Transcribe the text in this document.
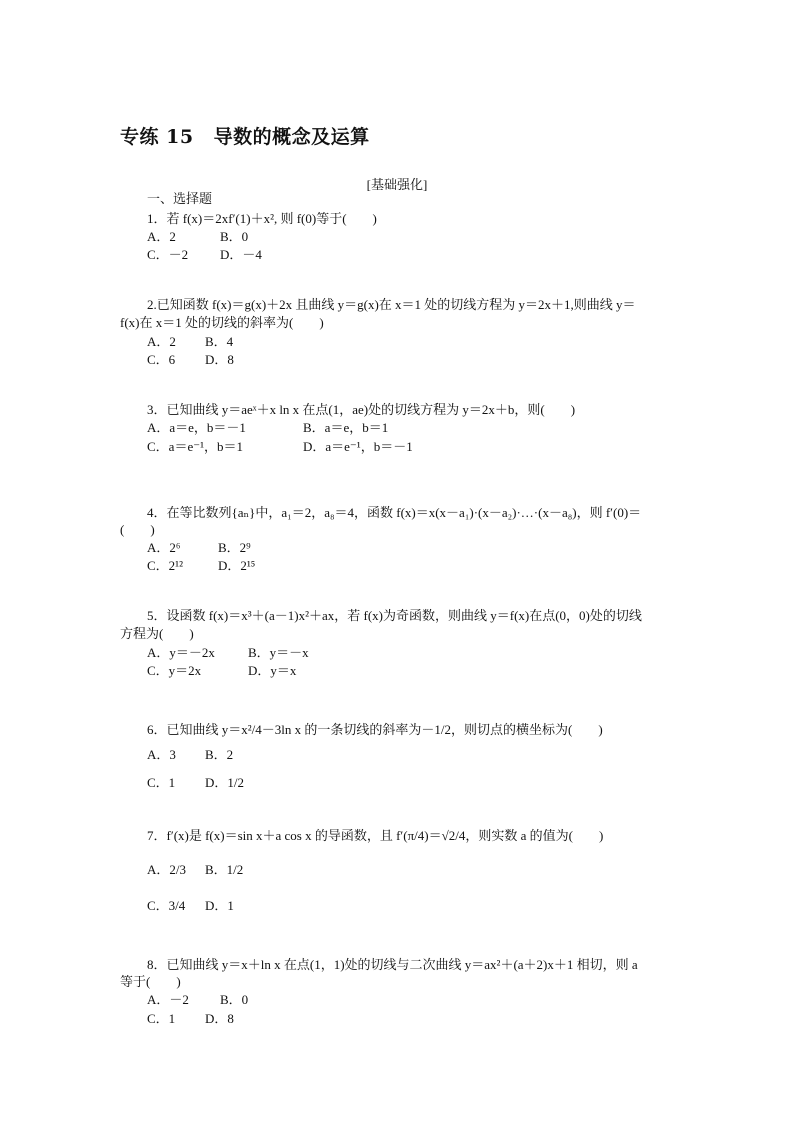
专练 15 导数的概念及运算
[基础强化]
一、选择题
1．若 f(x)＝2xf′(1)＋x², 则 f(0)等于(　　)
A．2	B．0
C．－2 D．－4
2.已知函数 f(x)＝g(x)＋2x 且曲线 y＝g(x)在 x＝1 处的切线方程为 y＝2x＋1,则曲线 y＝
f(x)在 x＝1 处的切线的斜率为(　　)
A．2 B．4
C．6 D．8
3．已知曲线 y＝aeˣ＋x ln x 在点(1，ae)处的切线方程为 y＝2x＋b，则(　　)
A．a＝e，b＝－1	B．a＝e，b＝1
C．a＝e⁻¹，b＝1	D．a＝e⁻¹，b＝－1
4．在等比数列{aₙ}中，a₁＝2，a₈＝4，函数 f(x)＝x(x－a₁)·(x－a₂)·…·(x－a₈)，则 f′(0)＝
(　　)
A．2⁶	B．2⁹
C．2¹²	D．2¹⁵
5．设函数 f(x)＝x³＋(a－1)x²＋ax，若 f(x)为奇函数，则曲线 y＝f(x)在点(0，0)处的切线
方程为(　　)
A．y＝－2x	B．y＝－x
C．y＝2x	D．y＝x
6．已知曲线 y＝x²/4－3ln x 的一条切线的斜率为－1/2，则切点的横坐标为(　　)
A．3 B．2
C．1 D．1/2
7．f′(x)是 f(x)＝sin x＋a cos x 的导函数，且 f′(π/4)＝√2/4，则实数 a 的值为(　　)
A．2/3 B．1/2
C．3/4 D．1
8．已知曲线 y＝x＋ln x 在点(1，1)处的切线与二次曲线 y＝ax²＋(a＋2)x＋1 相切，则 a
等于(　　)
A．－2 B．0
C．1 D．8
